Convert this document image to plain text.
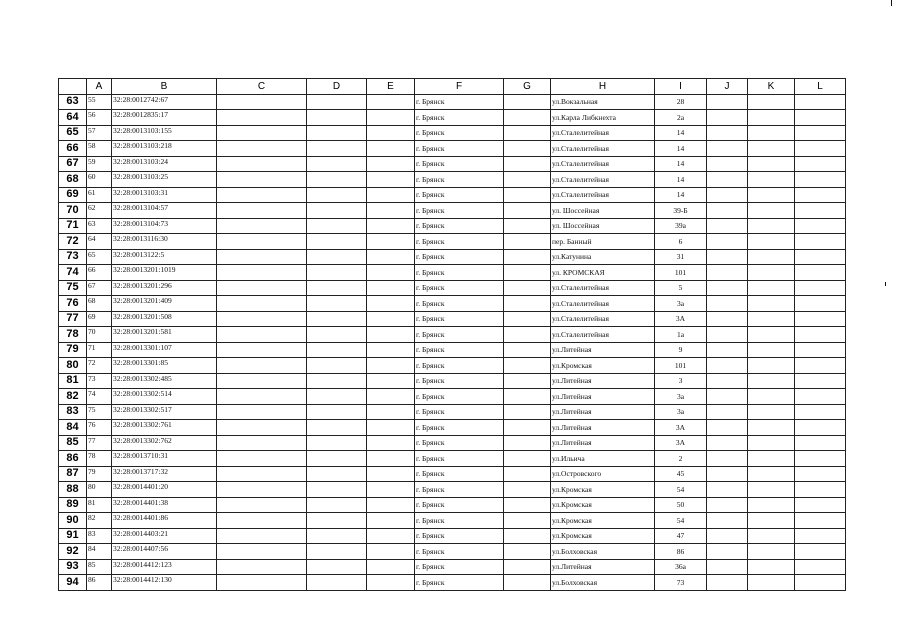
	A	B	C	D	E	F	G	H	I	J	K	L
63	55	32:28:0012742:67				г. Брянск		ул.Вокзальная	28			
64	56	32:28:0012835:17				г. Брянск		ул.Карла Либкнехта	2а			
65	57	32:28:0013103:155				г. Брянск		ул.Сталелитейная	14			
66	58	32:28:0013103:218				г. Брянск		ул.Сталелитейная	14			
67	59	32:28:0013103:24				г. Брянск		ул.Сталелитейная	14			
68	60	32:28:0013103:25				г. Брянск		ул.Сталелитейная	14			
69	61	32:28:0013103:31				г. Брянск		ул.Сталелитейная	14			
70	62	32:28:0013104:57				г. Брянск		ул. Шоссейная	39-Б			
71	63	32:28:0013104:73				г. Брянск		ул. Шоссейная	39а			
72	64	32:28:0013116:30				г. Брянск		пер. Банный	6			
73	65	32:28:0013122:5				г. Брянск		ул.Катунина	31			
74	66	32:28:0013201:1019				г. Брянск		ул. КРОМСКАЯ	101			
75	67	32:28:0013201:296				г. Брянск		ул.Сталелитейная	5			
76	68	32:28:0013201:409				г. Брянск		ул.Сталелитейная	3а			
77	69	32:28:0013201:508				г. Брянск		ул.Сталелитейная	3А			
78	70	32:28:0013201:581				г. Брянск		ул.Сталелитейная	1а			
79	71	32:28:0013301:107				г. Брянск		ул.Литейная	9			
80	72	32:28:0013301:85				г. Брянск		ул.Кромская	101			
81	73	32:28:0013302:485				г. Брянск		ул.Литейная	3			
82	74	32:28:0013302:514				г. Брянск		ул.Литейная	3а			
83	75	32:28:0013302:517				г. Брянск		ул.Литейная	3а			
84	76	32:28:0013302:761				г. Брянск		ул.Литейная	3А			
85	77	32:28:0013302:762				г. Брянск		ул.Литейная	3А			
86	78	32:28:0013710:31				г. Брянск		ул.Ильича	2			
87	79	32:28:0013717:32				г. Брянск		ул.Островского	45			
88	80	32:28:0014401:20				г. Брянск		ул.Кромская	54			
89	81	32:28:0014401:38				г. Брянск		ул.Кромская	50			
90	82	32:28:0014401:86				г. Брянск		ул.Кромская	54			
91	83	32:28:0014403:21				г. Брянск		ул.Кромская	47			
92	84	32:28:0014407:56				г. Брянск		ул.Болховская	86			
93	85	32:28:0014412:123				г. Брянск		ул.Литейная	36а			
94	86	32:28:0014412:130				г. Брянск		ул.Болховская	73			
